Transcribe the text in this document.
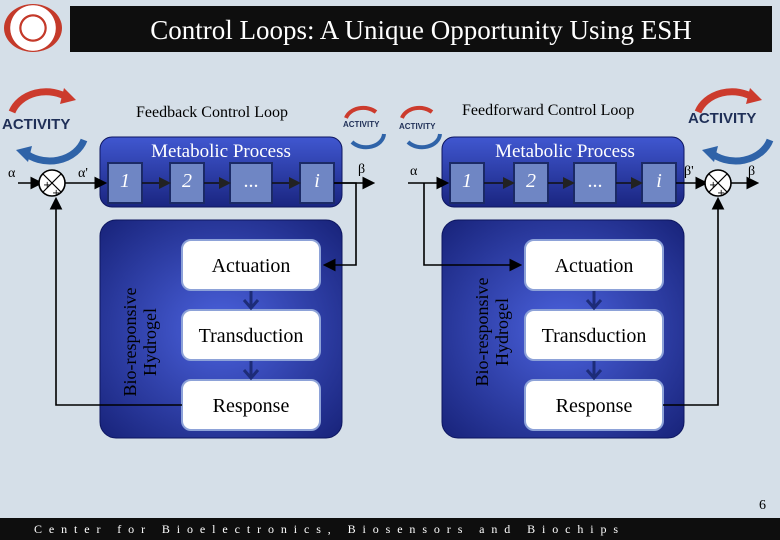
Control Loops: A Unique Opportunity Using ESH
+
+
+
+
ACTIVITY	ACTIVITY
ACTIVITY ACTIVITY
Feedback Control Loop	Feedforward Control Loop
Metabolic Process	Metabolic Process
1	2	...	i	1	2	...	i
α	α'	β	α	β'	β
Bio-responsive Hydrogel	Bio-responsive Hydrogel
Actuation
Transduction
Response
Actuation
Transduction
Response
6
Center for Bioelectronics, Biosensors and Biochips
